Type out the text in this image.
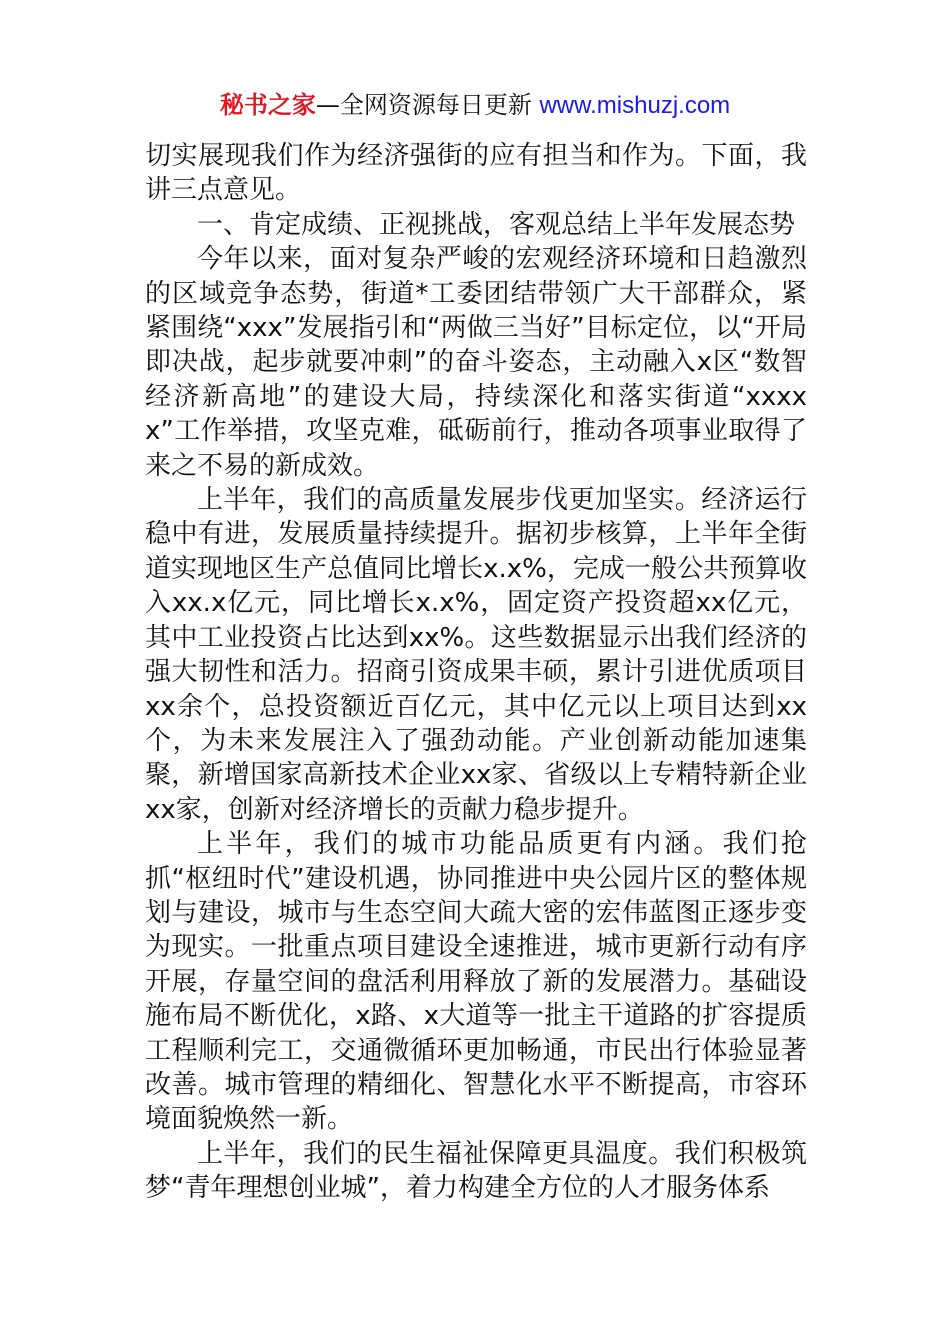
秘书之家—全网资源每日更新 www.mishuzj.com

切实展现我们作为经济强街的应有担当和作为。下面，我讲三点意见。

一、肯定成绩、正视挑战，客观总结上半年发展态势

今年以来，面对复杂严峻的宏观经济环境和日趋激烈的区域竞争态势，街道*工委团结带领广大干部群众，紧紧围绕“xxx”发展指引和“两做三当好”目标定位，以“开局即决战，起步就要冲刺”的奋斗姿态，主动融入x区“数智经济新高地”的建设大局，持续深化和落实街道“xxxxx”工作举措，攻坚克难，砥砺前行，推动各项事业取得了来之不易的新成效。

上半年，我们的高质量发展步伐更加坚实。经济运行稳中有进，发展质量持续提升。据初步核算，上半年全街道实现地区生产总值同比增长x.x%，完成一般公共预算收入xx.x亿元，同比增长x.x%，固定资产投资超xx亿元，其中工业投资占比达到xx%。这些数据显示出我们经济的强大韧性和活力。招商引资成果丰硕，累计引进优质项目xx余个，总投资额近百亿元，其中亿元以上项目达到xx个，为未来发展注入了强劲动能。产业创新动能加速集聚，新增国家高新技术企业xx家、省级以上专精特新企业xx家，创新对经济增长的贡献力稳步提升。

上半年，我们的城市功能品质更有内涵。我们抢抓“枢纽时代”建设机遇，协同推进中央公园片区的整体规划与建设，城市与生态空间大疏大密的宏伟蓝图正逐步变为现实。一批重点项目建设全速推进，城市更新行动有序开展，存量空间的盘活利用释放了新的发展潜力。基础设施布局不断优化，x路、x大道等一批主干道路的扩容提质工程顺利完工，交通微循环更加畅通，市民出行体验显著改善。城市管理的精细化、智慧化水平不断提高，市容环境面貌焕然一新。

上半年，我们的民生福祉保障更具温度。我们积极筑梦“青年理想创业城”，着力构建全方位的人才服务体系
